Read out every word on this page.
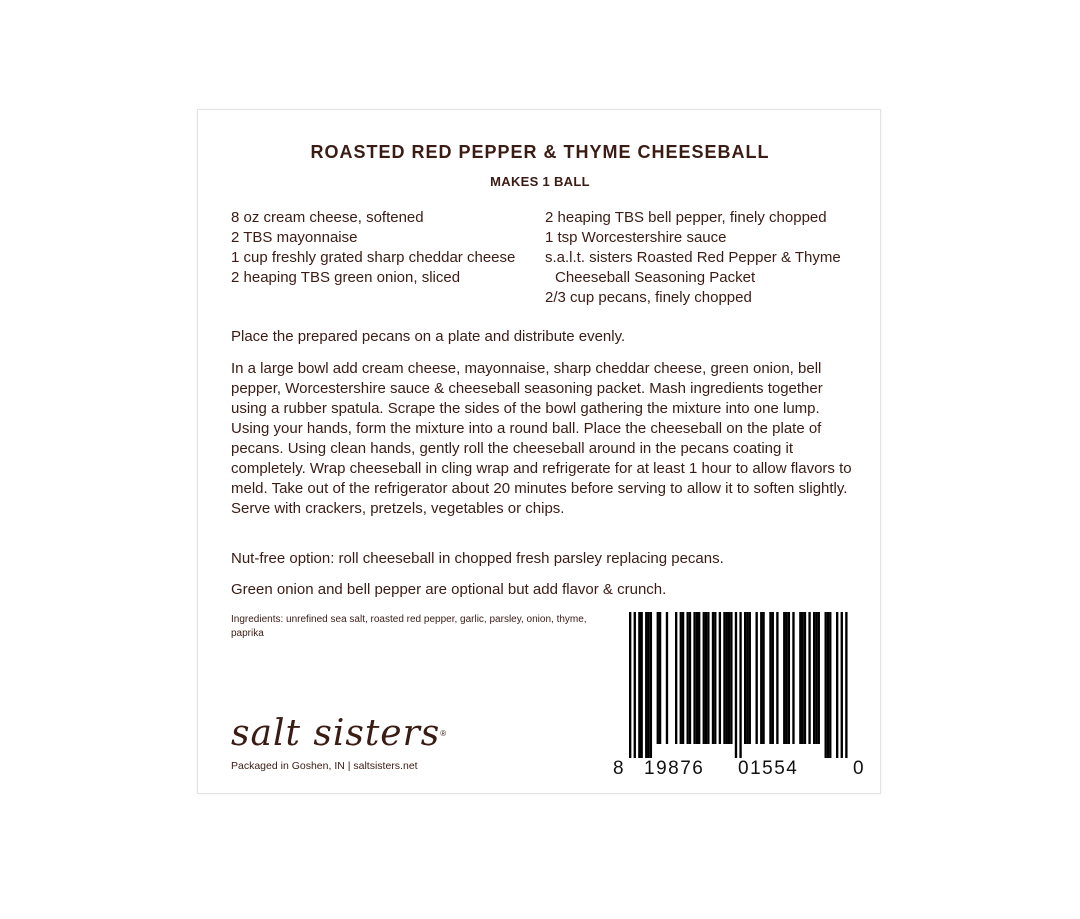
ROASTED RED PEPPER & THYME CHEESEBALL
MAKES 1 BALL
8 oz cream cheese, softened
2 TBS mayonnaise
1 cup freshly grated sharp cheddar cheese
2 heaping TBS green onion, sliced
2 heaping TBS bell pepper, finely chopped
1 tsp Worcestershire sauce
s.a.l.t. sisters Roasted Red Pepper & Thyme Cheeseball Seasoning Packet
2/3 cup pecans, finely chopped

Place the prepared pecans on a plate and distribute evenly.

In a large bowl add cream cheese, mayonnaise, sharp cheddar cheese, green onion, bell pepper, Worcestershire sauce & cheeseball seasoning packet. Mash ingredients together using a rubber spatula. Scrape the sides of the bowl gathering the mixture into one lump. Using your hands, form the mixture into a round ball. Place the cheeseball on the plate of pecans. Using clean hands, gently roll the cheeseball around in the pecans coating it completely. Wrap cheeseball in cling wrap and refrigerate for at least 1 hour to allow flavors to meld. Take out of the refrigerator about 20 minutes before serving to allow it to soften slightly. Serve with crackers, pretzels, vegetables or chips.

Nut-free option: roll cheeseball in chopped fresh parsley replacing pecans.

Green onion and bell pepper are optional but add flavor & crunch.

Ingredients: unrefined sea salt, roasted red pepper, garlic, parsley, onion, thyme, paprika

salt sisters®
Packaged in Goshen, IN | saltsisters.net	8 19876 01554	0
